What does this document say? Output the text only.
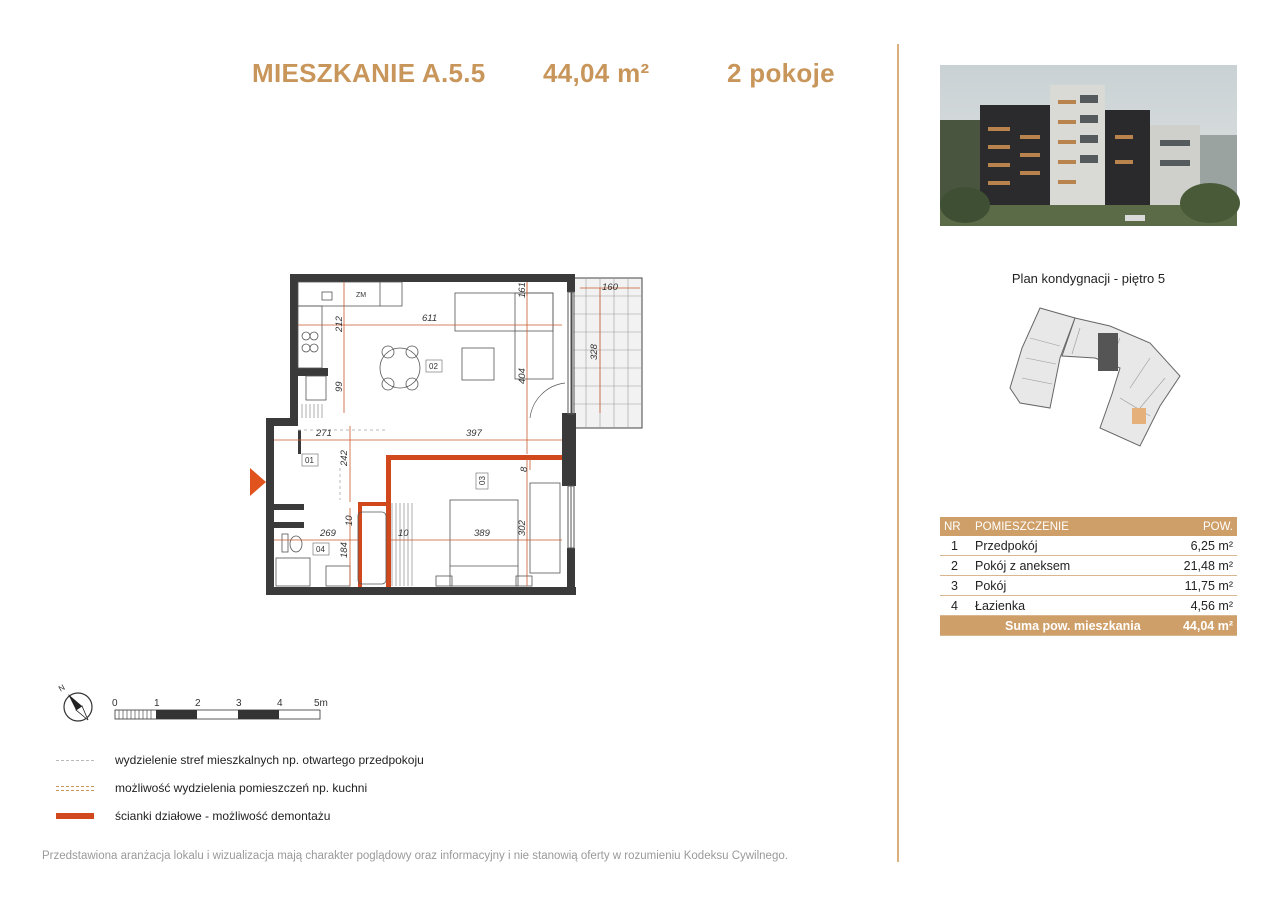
MIESZKANIE A.5.5 44,04 m²	2 pokoje
Plan kondygnacji - piętro 5
NR	POMIESZCZENIE	POW.
1	Przedpokój	6,25 m²
2	Pokój z aneksem	21,48 m²
3	Pokój	11,75 m²
4	Łazienka	4,56 m²
	Suma pow. mieszkania	44,04 m²
ZM
611
212
99
404
161	160
328
271	397
242
8
269
10
10
184
389	302
01
02
03
04
N
0	1	2	3	4	5m
wydzielenie stref mieszkalnych np. otwartego przedpokoju
możliwość wydzielenia pomieszczeń np. kuchni
ścianki działowe - możliwość demontażu
Przedstawiona aranżacja lokalu i wizualizacja mają charakter poglądowy oraz informacyjny i nie stanowią oferty w rozumieniu Kodeksu Cywilnego.
